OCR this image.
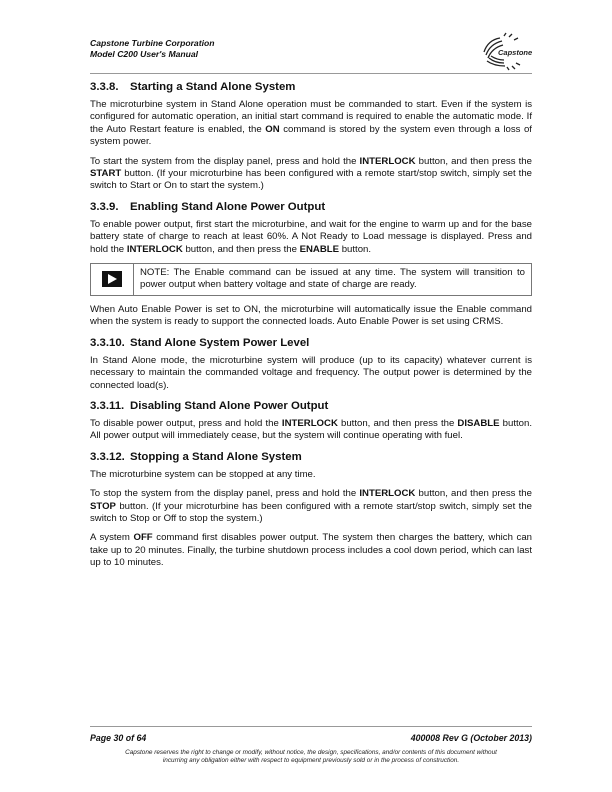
Capstone Turbine Corporation
Model C200 User's Manual	Capstone
3.3.8. Starting a Stand Alone System

The microturbine system in Stand Alone operation must be commanded to start. Even if the system is configured for automatic operation, an initial start command is required to enable the automatic mode. If the Auto Restart feature is enabled, the ON command is stored by the system even through a loss of system power.

To start the system from the display panel, press and hold the INTERLOCK button, and then press the START button. (If your microturbine has been configured with a remote start/stop switch, simply set the switch to Start or On to start the system.)

3.3.9. Enabling Stand Alone Power Output

To enable power output, first start the microturbine, and wait for the engine to warm up and for the base battery state of charge to reach at least 60%. A Not Ready to Load message is displayed. Press and hold the INTERLOCK button, and then press the ENABLE button.

NOTE: The Enable command can be issued at any time. The system will transition to power output when battery voltage and state of charge are ready.

When Auto Enable Power is set to ON, the microturbine will automatically issue the Enable command when the system is ready to support the connected loads. Auto Enable Power is set using CRMS.

3.3.10. Stand Alone System Power Level

In Stand Alone mode, the microturbine system will produce (up to its capacity) whatever current is necessary to maintain the commanded voltage and frequency. The output power is determined by the connected load(s).

3.3.11. Disabling Stand Alone Power Output

To disable power output, press and hold the INTERLOCK button, and then press the DISABLE button. All power output will immediately cease, but the system will continue operating with fuel.

3.3.12. Stopping a Stand Alone System

The microturbine system can be stopped at any time.

To stop the system from the display panel, press and hold the INTERLOCK button, and then press the STOP button. (If your microturbine has been configured with a remote start/stop switch, simply set the switch to Stop or Off to stop the system.)

A system OFF command first disables power output. The system then charges the battery, which can take up to 20 minutes. Finally, the turbine shutdown process includes a cool down period, which can last up to 10 minutes.

Page 30 of 64	400008 Rev G (October 2013)
Capstone reserves the right to change or modify, without notice, the design, specifications, and/or contents of this document without
incurring any obligation either with respect to equipment previously sold or in the process of construction.
